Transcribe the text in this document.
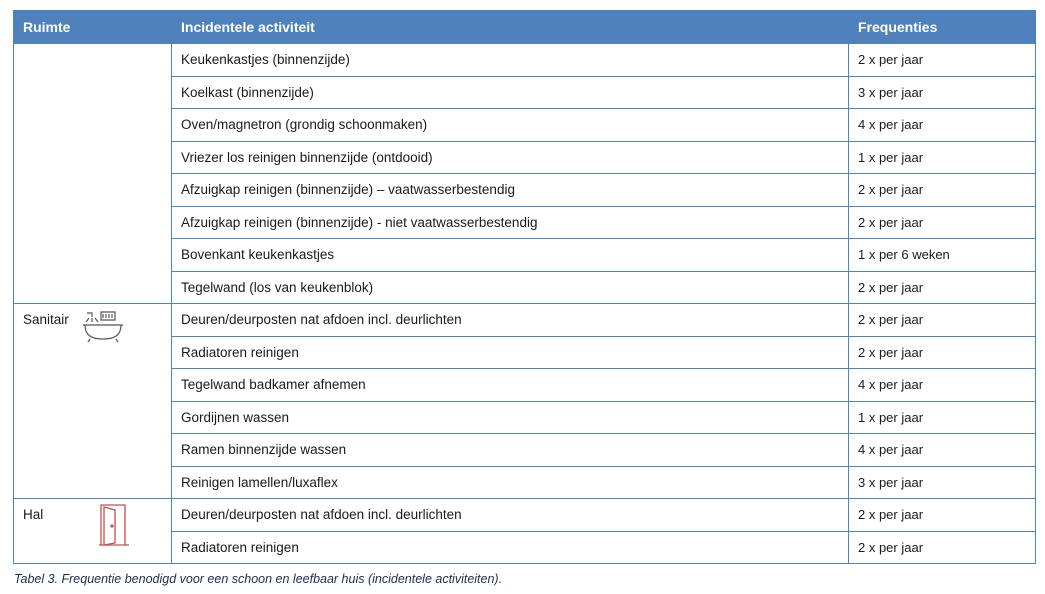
Ruimte	Incidentele activiteit	Frequenties
	Keukenkastjes (binnenzijde)	2 x per jaar
	Koelkast (binnenzijde)	3 x per jaar
	Oven/magnetron (grondig schoonmaken)	4 x per jaar
	Vriezer los reinigen binnenzijde (ontdooid)	1 x per jaar
	Afzuigkap reinigen (binnenzijde) – vaatwasserbestendig	2 x per jaar
	Afzuigkap reinigen (binnenzijde) - niet vaatwasserbestendig	2 x per jaar
	Bovenkant keukenkastjes	1 x per 6 weken
	Tegelwand (los van keukenblok)	2 x per jaar
Sanitair	Deuren/deurposten nat afdoen incl. deurlichten	2 x per jaar
	Radiatoren reinigen	2 x per jaar
	Tegelwand badkamer afnemen	4 x per jaar
	Gordijnen wassen	1 x per jaar
	Ramen binnenzijde wassen	4 x per jaar
	Reinigen lamellen/luxaflex	3 x per jaar
Hal	Deuren/deurposten nat afdoen incl. deurlichten	2 x per jaar
	Radiatoren reinigen	2 x per jaar
Tabel 3. Frequentie benodigd voor een schoon en leefbaar huis (incidentele activiteiten).
